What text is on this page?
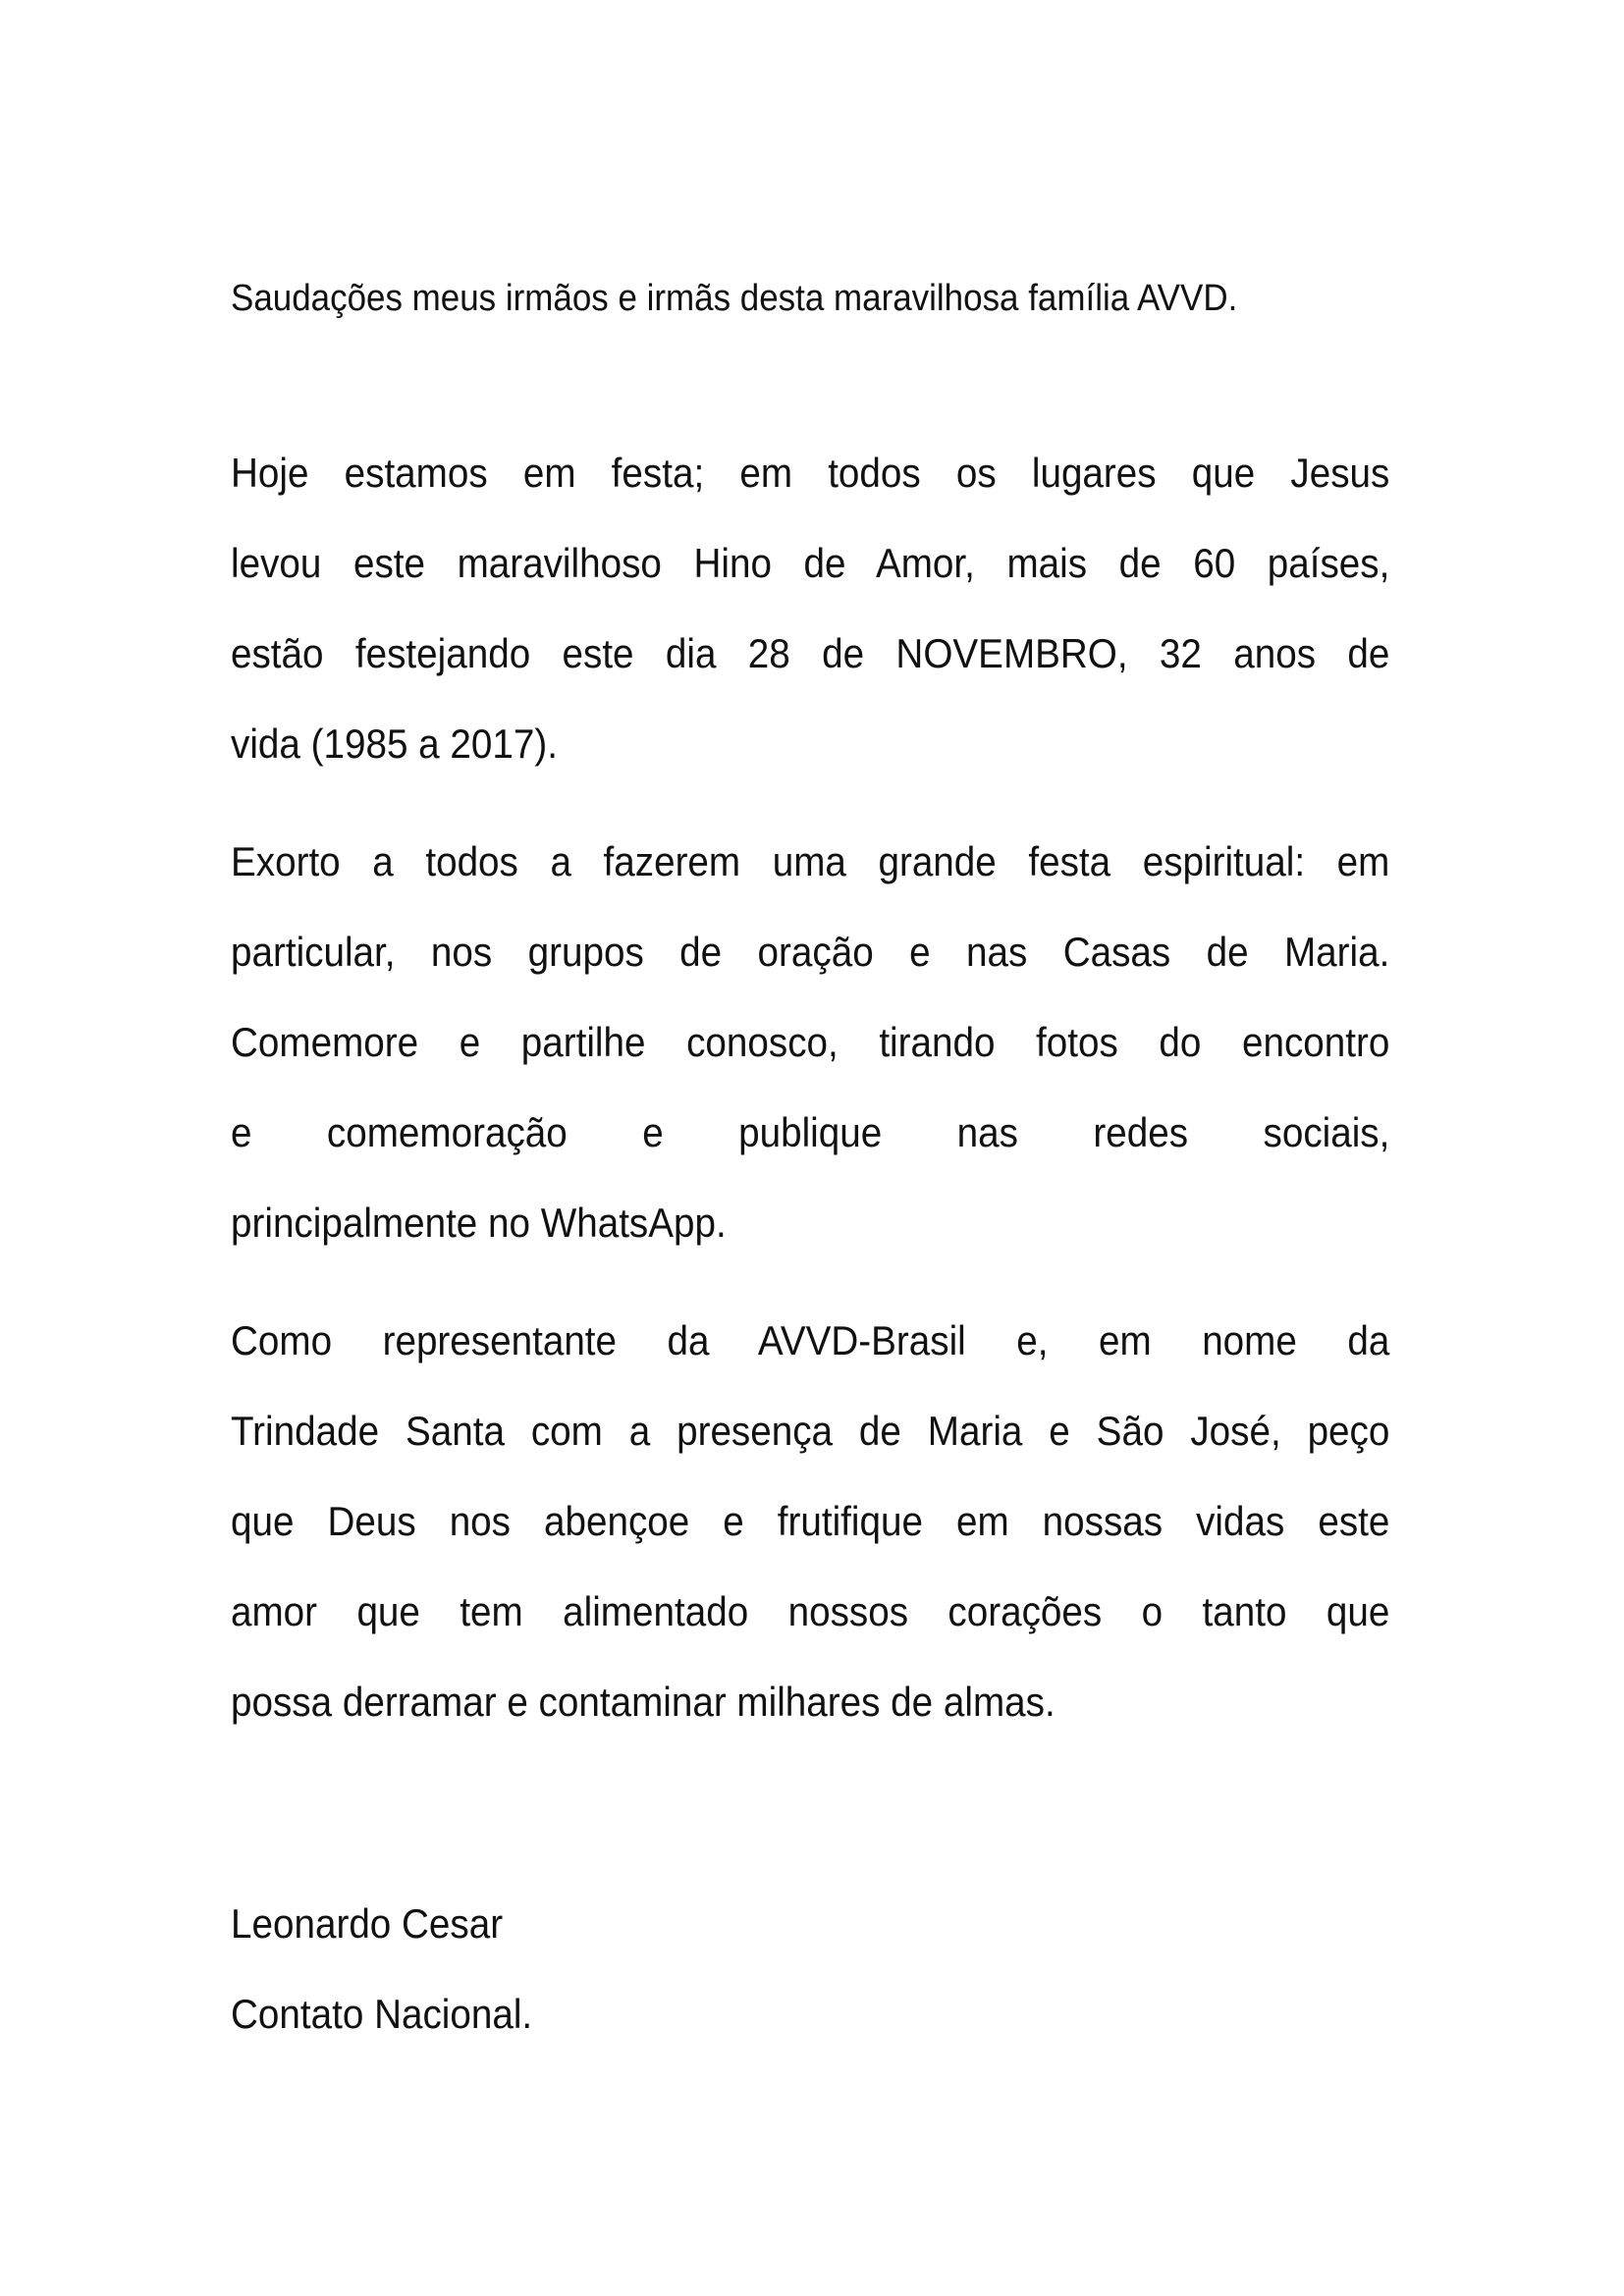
Saudações meus irmãos e irmãs desta maravilhosa família AVVD.

Hoje estamos em festa; em todos os lugares que Jesus
levou este maravilhoso Hino de Amor, mais de 60 países,
estão festejando este dia 28 de NOVEMBRO, 32 anos de
vida (1985 a 2017).
Exorto a todos a fazerem uma grande festa espiritual: em
particular, nos grupos de oração e nas Casas de Maria.
Comemore e partilhe conosco, tirando fotos do encontro
e comemoração e publique nas redes sociais,
principalmente no WhatsApp.
Como representante da AVVD-Brasil e, em nome da
Trindade Santa com a presença de Maria e São José, peço
que Deus nos abençoe e frutifique em nossas vidas este
amor que tem alimentado nossos corações o tanto que
possa derramar e contaminar milhares de almas.

Leonardo Cesar

Contato Nacional.
